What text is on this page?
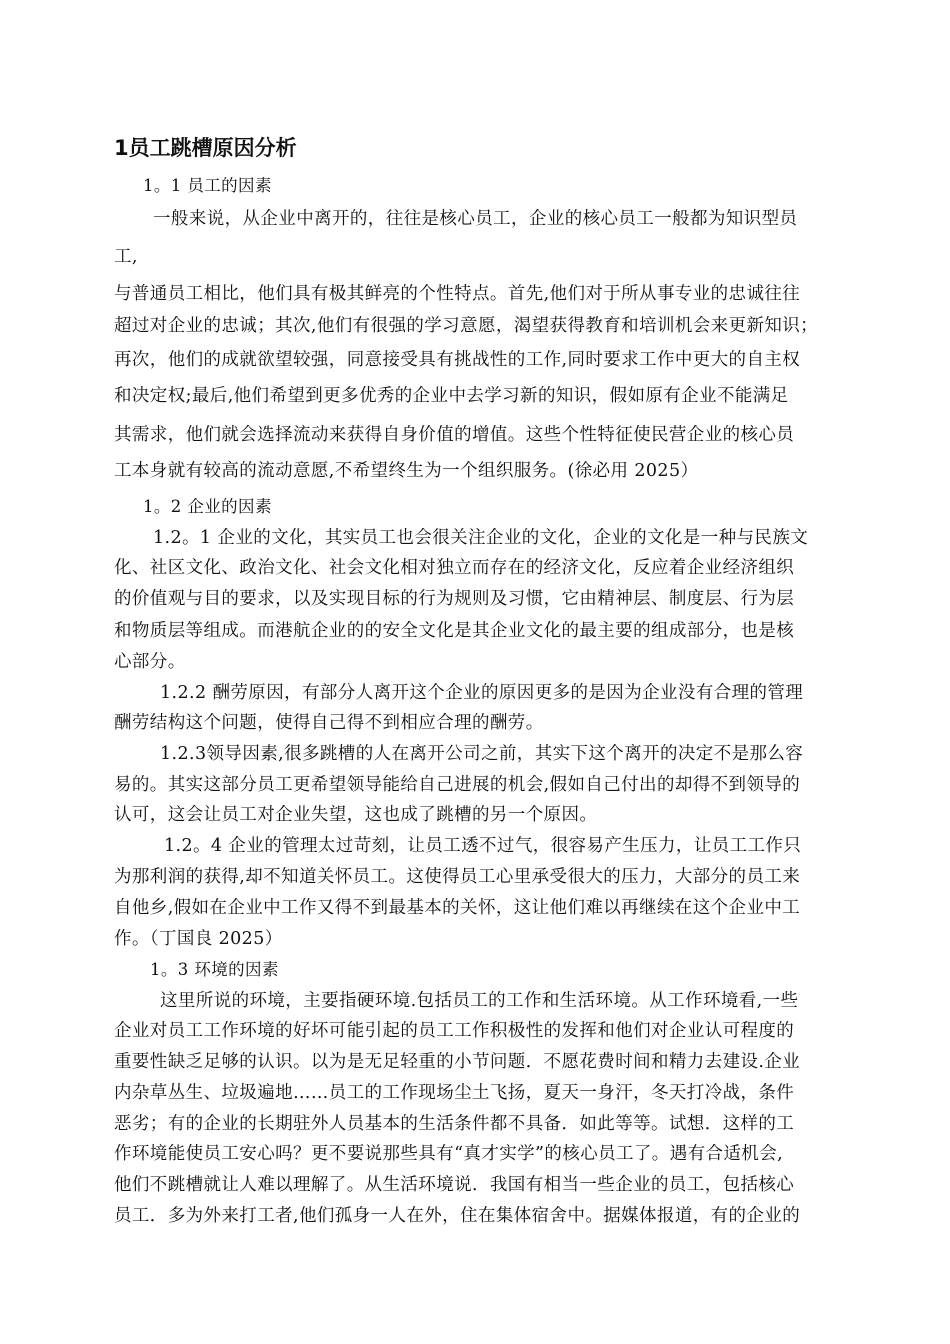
1员工跳槽原因分析
1。1 员工的因素
一般来说，从企业中离开的，往往是核心员工，企业的核心员工一般都为知识型员
工,
与普通员工相比，他们具有极其鲜亮的个性特点。首先,他们对于所从事专业的忠诚往往
超过对企业的忠诚；其次,他们有很强的学习意愿，渴望获得教育和培训机会来更新知识；
再次，他们的成就欲望较强，同意接受具有挑战性的工作,同时要求工作中更大的自主权
和决定权;最后,他们希望到更多优秀的企业中去学习新的知识，假如原有企业不能满足
其需求，他们就会选择流动来获得自身价值的增值。这些个性特征使民营企业的核心员
工本身就有较高的流动意愿,不希望终生为一个组织服务。(徐必用 2025）
1。2 企业的因素
1.2。1 企业的文化，其实员工也会很关注企业的文化，企业的文化是一种与民族文
化、社区文化、政治文化、社会文化相对独立而存在的经济文化，反应着企业经济组织
的价值观与目的要求，以及实现目标的行为规则及习惯，它由精神层、制度层、行为层
和物质层等组成。而港航企业的的安全文化是其企业文化的最主要的组成部分，也是核
心部分。
1.2.2 酬劳原因，有部分人离开这个企业的原因更多的是因为企业没有合理的管理
酬劳结构这个问题，使得自己得不到相应合理的酬劳。
1.2.3领导因素,很多跳槽的人在离开公司之前，其实下这个离开的决定不是那么容
易的。其实这部分员工更希望领导能给自己进展的机会,假如自己付出的却得不到领导的
认可，这会让员工对企业失望，这也成了跳槽的另一个原因。
1.2。4 企业的管理太过苛刻，让员工透不过气，很容易产生压力，让员工工作只
为那利润的获得,却不知道关怀员工。这使得员工心里承受很大的压力，大部分的员工来
自他乡,假如在企业中工作又得不到最基本的关怀，这让他们难以再继续在这个企业中工
作。（丁国良 2025）
1。3 环境的因素
这里所说的环境，主要指硬环境.包括员工的工作和生活环境。从工作环境看,一些
企业对员工工作环境的好坏可能引起的员工工作积极性的发挥和他们对企业认可程度的
重要性缺乏足够的认识。以为是无足轻重的小节问题．不愿花费时间和精力去建设.企业
内杂草丛生、垃圾遍地……员工的工作现场尘土飞扬，夏天一身汗，冬天打冷战，条件
恶劣；有的企业的长期驻外人员基本的生活条件都不具备．如此等等。试想．这样的工
作环境能使员工安心吗？更不要说那些具有“真才实学”的核心员工了。遇有合适机会,
他们不跳槽就让人难以理解了。从生活环境说．我国有相当一些企业的员工，包括核心
员工．多为外来打工者,他们孤身一人在外，住在集体宿舍中。据媒体报道，有的企业的
